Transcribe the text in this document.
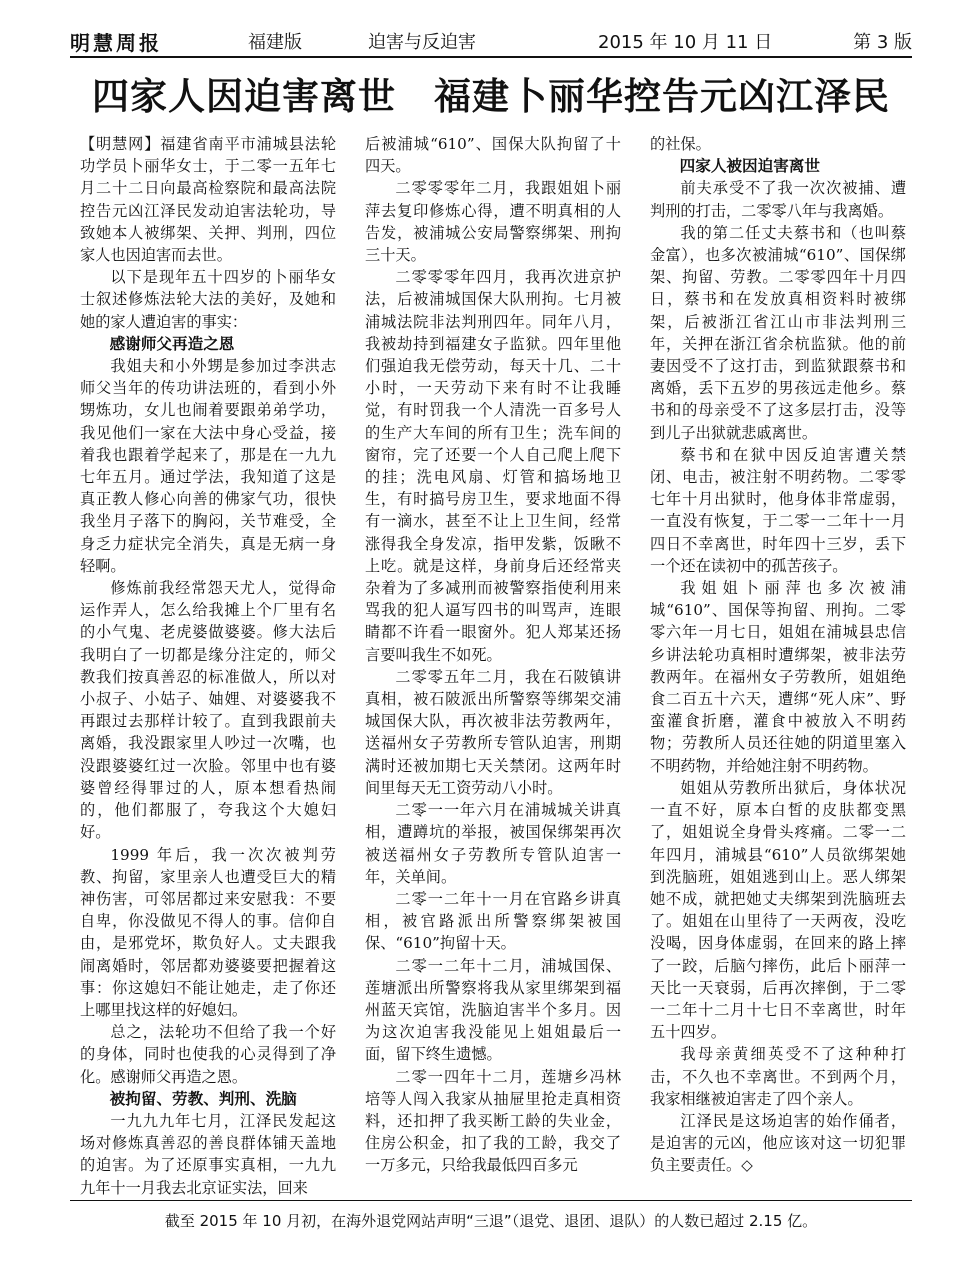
明慧周报	福建版	迫害与反迫害	2015 年 10 月 11 日	第 3 版
四家人因迫害离世　福建卜丽华控告元凶江泽民

【明慧网】福建省南平市浦城县法轮功学员卜丽华女士，于二零一五年七月二十二日向最高检察院和最高法院控告元凶江泽民发动迫害法轮功，导致她本人被绑架、关押、判刑，四位家人也因迫害而去世。

以下是现年五十四岁的卜丽华女士叙述修炼法轮大法的美好，及她和她的家人遭迫害的事实：

感谢师父再造之恩

我姐夫和小外甥是参加过李洪志师父当年的传功讲法班的，看到小外甥炼功，女儿也闹着要跟弟弟学功，我见他们一家在大法中身心受益，接着我也跟着学起来了，那是在一九九七年五月。通过学法，我知道了这是真正教人修心向善的佛家气功，很快我坐月子落下的胸闷，关节难受，全身乏力症状完全消失，真是无病一身轻啊。

修炼前我经常怨天尤人，觉得命运作弄人，怎么给我摊上个厂里有名的小气鬼、老虎婆做婆婆。修大法后我明白了一切都是缘分注定的，师父教我们按真善忍的标准做人，所以对小叔子、小姑子、妯娌、对婆婆我不再跟过去那样计较了。直到我跟前夫离婚，我没跟家里人吵过一次嘴，也没跟婆婆红过一次脸。邻里中也有婆婆曾经得罪过的人，原本想看热闹的，他们都服了，夸我这个大媳妇好。

1999 年后，我一次次被判劳教、拘留，家里亲人也遭受巨大的精神伤害，可邻居都过来安慰我：不要自卑，你没做见不得人的事。信仰自由，是邪党坏，欺负好人。丈夫跟我闹离婚时，邻居都劝婆婆要把握着这事：你这媳妇不能让她走，走了你还上哪里找这样的好媳妇。

总之，法轮功不但给了我一个好的身体，同时也使我的心灵得到了净化。感谢师父再造之恩。

被拘留、劳教、判刑、洗脑

一九九九年七月，江泽民发起这场对修炼真善忍的善良群体铺天盖地的迫害。为了还原事实真相，一九九九年十一月我去北京证实法，回来

后被浦城“610”、国保大队拘留了十四天。

二零零零年二月，我跟姐姐卜丽萍去复印修炼心得，遭不明真相的人告发，被浦城公安局警察绑架、刑拘三十天。

二零零零年四月，我再次进京护法，后被浦城国保大队刑拘。七月被浦城法院非法判刑四年。同年八月，我被劫持到福建女子监狱。四年里他们强迫我无偿劳动，每天十几、二十小时，一天劳动下来有时不让我睡觉，有时罚我一个人清洗一百多号人的生产大车间的所有卫生；洗车间的窗帘，完了还要一个人自己爬上爬下的挂；洗电风扇、灯管和搞场地卫生，有时搞号房卫生，要求地面不得有一滴水，甚至不让上卫生间，经常涨得我全身发凉，指甲发紫，饭瞅不上吃。就是这样，身前身后还经常夹杂着为了多减刑而被警察指使利用来骂我的犯人逼写四书的叫骂声，连眼睛都不许看一眼窗外。犯人郑某还扬言要叫我生不如死。

二零零五年二月，我在石陂镇讲真相，被石陂派出所警察等绑架交浦城国保大队，再次被非法劳教两年，送福州女子劳教所专管队迫害，刑期满时还被加期七天关禁闭。这两年时间里每天无工资劳动八小时。

二零一一年六月在浦城城关讲真相，遭蹲坑的举报，被国保绑架再次被送福州女子劳教所专管队迫害一年，关单间。

二零一二年十一月在官路乡讲真相，被官路派出所警察绑架被国保、“610”拘留十天。

二零一二年十二月，浦城国保、莲塘派出所警察将我从家里绑架到福州蓝天宾馆，洗脑迫害半个多月。因为这次迫害我没能见上姐姐最后一面，留下终生遗憾。

二零一四年十二月，莲塘乡冯林培等人闯入我家从抽屉里抢走真相资料，还扣押了我买断工龄的失业金，住房公积金，扣了我的工龄，我交了一万多元，只给我最低四百多元

的社保。

四家人被因迫害离世

前夫承受不了我一次次被捕、遭判刑的打击，二零零八年与我离婚。

我的第二任丈夫蔡书和（也叫蔡金富），也多次被浦城“610”、国保绑架、拘留、劳教。二零零四年十月四日，蔡书和在发放真相资料时被绑架，后被浙江省江山市非法判刑三年，关押在浙江省余杭监狱。他的前妻因受不了这打击，到监狱跟蔡书和离婚，丢下五岁的男孩远走他乡。蔡书和的母亲受不了这多层打击，没等到儿子出狱就悲戚离世。

蔡书和在狱中因反迫害遭关禁闭、电击，被注射不明药物。二零零七年十月出狱时，他身体非常虚弱，一直没有恢复，于二零一二年十一月四日不幸离世，时年四十三岁，丢下一个还在读初中的孤苦孩子。

我姐姐卜丽萍也多次被浦城“610”、国保等拘留、刑拘。二零零六年一月七日，姐姐在浦城县忠信乡讲法轮功真相时遭绑架，被非法劳教两年。在福州女子劳教所，姐姐绝食二百五十六天，遭绑“死人床”、野蛮灌食折磨，灌食中被放入不明药物；劳教所人员还往她的阴道里塞入不明药物，并给她注射不明药物。

姐姐从劳教所出狱后，身体状况一直不好，原本白皙的皮肤都变黑了，姐姐说全身骨头疼痛。二零一二年四月，浦城县“610”人员欲绑架她到洗脑班，姐姐逃到山上。恶人绑架她不成，就把她丈夫绑架到洗脑班去了。姐姐在山里待了一天两夜，没吃没喝，因身体虚弱，在回来的路上摔了一跤，后脑勺摔伤，此后卜丽萍一天比一天衰弱，后再次摔倒，于二零一二年十二月十七日不幸离世，时年五十四岁。

我母亲黄细英受不了这种种打击，不久也不幸离世。不到两个月，我家相继被迫害走了四个亲人。

江泽民是这场迫害的始作俑者，是迫害的元凶，他应该对这一切犯罪负主要责任。◇

截至 2015 年 10 月初，在海外退党网站声明“三退”（退党、退团、退队）的人数已超过 2.15 亿。
